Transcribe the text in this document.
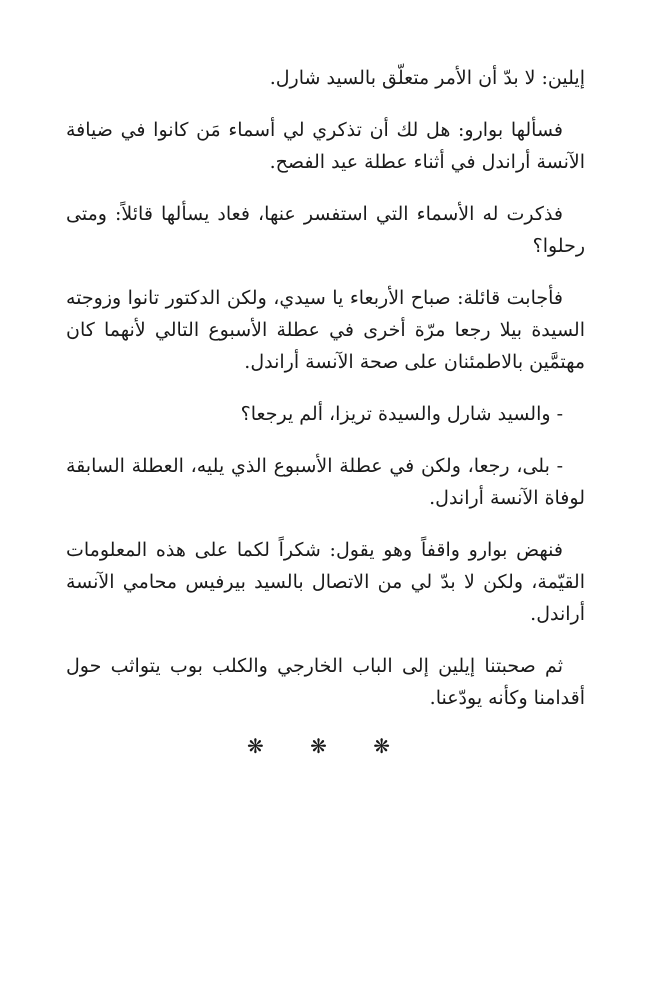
إيلين: لا بدّ أن الأمر متعلّق بالسيد شارل.

فسألها بوارو: هل لك أن تذكري لي أسماء مَن كانوا في ضيافة الآنسة أراندل في أثناء عطلة عيد الفصح.

فذكرت له الأسماء التي استفسر عنها، فعاد يسألها قائلاً: ومتى رحلوا؟

فأجابت قائلة: صباح الأربعاء يا سيدي، ولكن الدكتور تانوا وزوجته السيدة بيلا رجعا مرّة أخرى في عطلة الأسبوع التالي لأنهما كان مهتمَّين بالاطمئنان على صحة الآنسة أراندل.

- والسيد شارل والسيدة تريزا، ألم يرجعا؟

- بلى، رجعا، ولكن في عطلة الأسبوع الذي يليه، العطلة السابقة لوفاة الآنسة أراندل.

فنهض بوارو واقفاً وهو يقول: شكراً لكما على هذه المعلومات القيّمة، ولكن لا بدّ لي من الاتصال بالسيد بيرفيس محامي الآنسة أراندل.

ثم صحبتنا إيلين إلى الباب الخارجي والكلب بوب يتواثب حول أقدامنا وكأنه يودّعنا.

❋ ❋ ❋
